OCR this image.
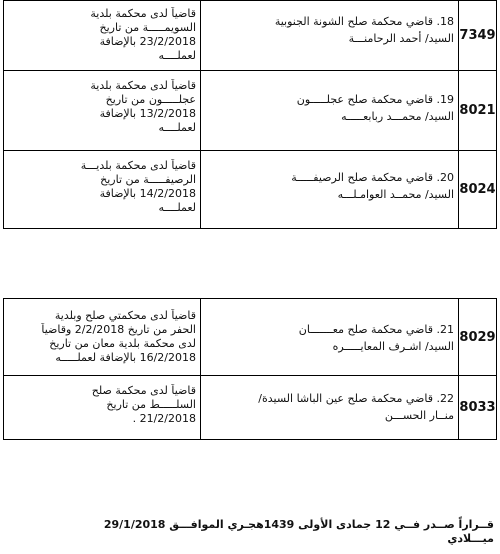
7349
18. قاضي محكمة صلح الشونة الجنوبية
السيد/ أحمد الرحامنـــة
قاضياً لدى محكمة بلدية
السويمـــــة من تاريخ
23/2/2018 بالإضافة
لعملــــه
8021
19. قاضي محكمة صلح عجلـــــون
السيد/ محمـــد ربابعـــــه
قاضياً لدى محكمة بلدية
عجلـــــون من تاريخ
13/2/2018 بالإضافة
لعملــــه
8024
20. قاضي محكمة صلح الرصيفـــــة
السيد/ محمــد العوامـلـــه
قاضياً لدى محكمة بلديـــة
الرصيفـــــة من تاريخ
14/2/2018 بالإضافة
لعملــــه
8029
21. قاضي محكمة صلح معـــــــان
السيد/ اشـرف المعايـــــره
قاضياً لدى محكمتي صلح وبلدية
الحفر من تاريخ 2/2/2018 وقاضياً
لدى محكمة بلدية معان من تاريخ
16/2/2018 بالإضافة لعملـــــه
8033
22. قاضي محكمة صلح عين الباشا السيدة/
منــار الحســـن
قاضياً لدى محكمة صلح
السلـــــط من تاريخ
21/2/2018 .
قــراراً صــدر فــي 12 جمادى الأولى 1439هجـري الموافـــق 29/1/2018
ميـــلادي
